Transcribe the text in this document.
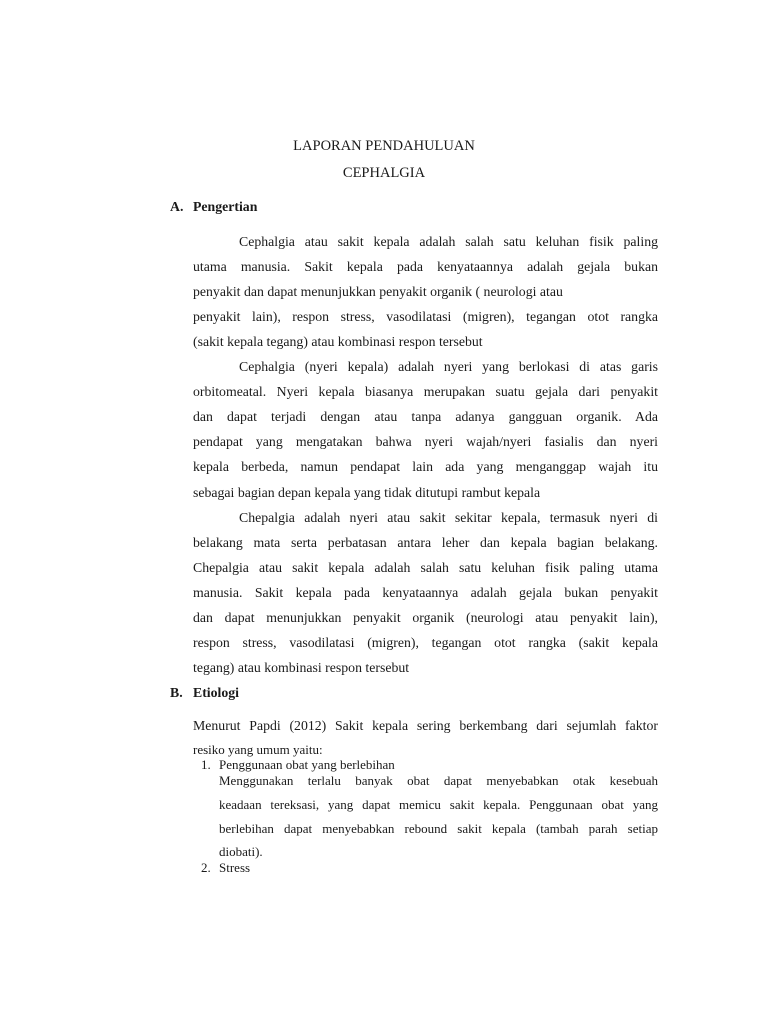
LAPORAN PENDAHULUAN
CEPHALGIA
A. Pengertian
Cephalgia atau sakit kepala adalah salah satu keluhan fisik paling
utama manusia. Sakit kepala pada kenyataannya adalah gejala bukan
penyakit dan dapat menunjukkan penyakit organik ( neurologi atau
penyakit lain), respon stress, vasodilatasi (migren), tegangan otot rangka
(sakit kepala tegang) atau kombinasi respon tersebut
Cephalgia (nyeri kepala) adalah nyeri yang berlokasi di atas garis
orbitomeatal. Nyeri kepala biasanya merupakan suatu gejala dari penyakit
dan dapat terjadi dengan atau tanpa adanya gangguan organik. Ada
pendapat yang mengatakan bahwa nyeri wajah/nyeri fasialis dan nyeri
kepala berbeda, namun pendapat lain ada yang menganggap wajah itu
sebagai bagian depan kepala yang tidak ditutupi rambut kepala
Chepalgia adalah nyeri atau sakit sekitar kepala, termasuk nyeri di
belakang mata serta perbatasan antara leher dan kepala bagian belakang.
Chepalgia atau sakit kepala adalah salah satu keluhan fisik paling utama
manusia. Sakit kepala pada kenyataannya adalah gejala bukan penyakit
dan dapat menunjukkan penyakit organik (neurologi atau penyakit lain),
respon stress, vasodilatasi (migren), tegangan otot rangka (sakit kepala
tegang) atau kombinasi respon tersebut
B. Etiologi
Menurut Papdi (2012) Sakit kepala sering berkembang dari sejumlah faktor
resiko yang umum yaitu:
1. Penggunaan obat yang berlebihan
Menggunakan terlalu banyak obat dapat menyebabkan otak kesebuah
keadaan tereksasi, yang dapat memicu sakit kepala. Penggunaan obat yang
berlebihan dapat menyebabkan rebound sakit kepala (tambah parah setiap
diobati).
2. Stress
